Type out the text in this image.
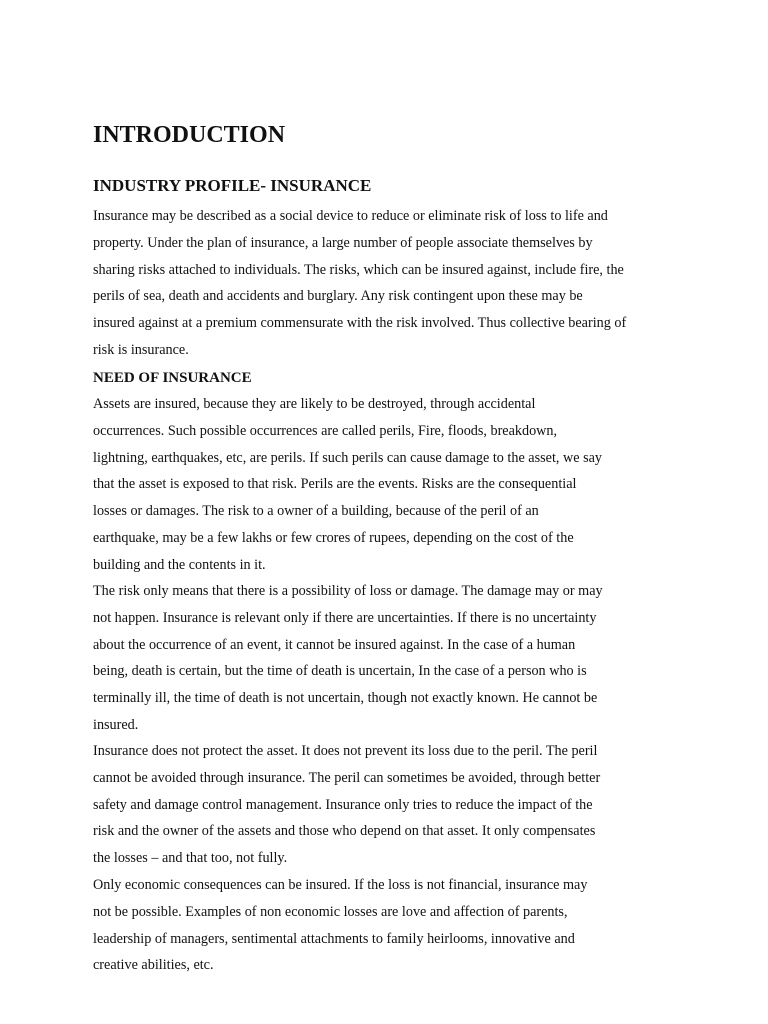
INTRODUCTION
INDUSTRY PROFILE- INSURANCE
Insurance may be described as a social device to reduce or eliminate risk of loss to life and
property. Under the plan of insurance, a large number of people associate themselves by
sharing risks attached to individuals. The risks, which can be insured against, include fire, the
perils of sea, death and accidents and burglary. Any risk contingent upon these may be
insured against at a premium commensurate with the risk involved. Thus collective bearing of
risk is insurance.
NEED OF INSURANCE
Assets are insured, because they are likely to be destroyed, through accidental
occurrences. Such possible occurrences are called perils, Fire, floods, breakdown,
lightning, earthquakes, etc, are perils. If such perils can cause damage to the asset, we say
that the asset is exposed to that risk. Perils are the events. Risks are the consequential
losses or damages. The risk to a owner of a building, because of the peril of an
earthquake, may be a few lakhs or few crores of rupees, depending on the cost of the
building and the contents in it.
The risk only means that there is a possibility of loss or damage. The damage may or may
not happen. Insurance is relevant only if there are uncertainties. If there is no uncertainty
about the occurrence of an event, it cannot be insured against. In the case of a human
being, death is certain, but the time of death is uncertain, In the case of a person who is
terminally ill, the time of death is not uncertain, though not exactly known. He cannot be
insured.
Insurance does not protect the asset. It does not prevent its loss due to the peril. The peril
cannot be avoided through insurance. The peril can sometimes be avoided, through better
safety and damage control management. Insurance only tries to reduce the impact of the
risk and the owner of the assets and those who depend on that asset. It only compensates
the losses – and that too, not fully.
Only economic consequences can be insured. If the loss is not financial, insurance may
not be possible. Examples of non economic losses are love and affection of parents,
leadership of managers, sentimental attachments to family heirlooms, innovative and
creative abilities, etc.
